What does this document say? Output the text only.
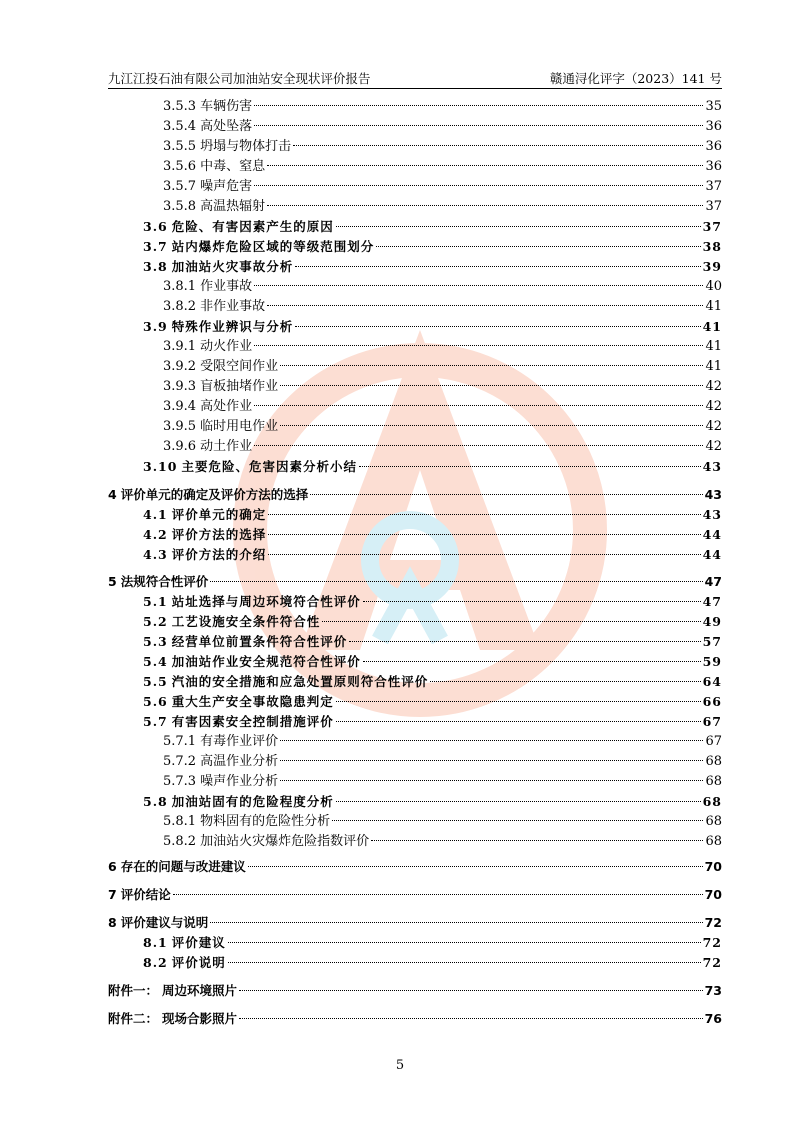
九江江投石油有限公司加油站安全现状评价报告	赣通浔化评字（2023）141 号
3.5.3 车辆伤害	35
3.5.4 高处坠落	36
3.5.5 坍塌与物体打击	36
3.5.6 中毒、窒息	36
3.5.7 噪声危害	37
3.5.8 高温热辐射	37
3.6 危险、有害因素产生的原因	37
3.7 站内爆炸危险区域的等级范围划分	38
3.8 加油站火灾事故分析	39
3.8.1 作业事故	40
3.8.2 非作业事故	41
3.9 特殊作业辨识与分析	41
3.9.1 动火作业	41
3.9.2 受限空间作业	41
3.9.3 盲板抽堵作业	42
3.9.4 高处作业	42
3.9.5 临时用电作业	42
3.9.6 动土作业	42
3.10 主要危险、危害因素分析小结	43
4 评价单元的确定及评价方法的选择	43
4.1 评价单元的确定	43
4.2 评价方法的选择	44
4.3 评价方法的介绍	44
5 法规符合性评价	47
5.1 站址选择与周边环境符合性评价	47
5.2 工艺设施安全条件符合性	49
5.3 经营单位前置条件符合性评价	57
5.4 加油站作业安全规范符合性评价	59
5.5 汽油的安全措施和应急处置原则符合性评价	64
5.6 重大生产安全事故隐患判定	66
5.7 有害因素安全控制措施评价	67
5.7.1 有毒作业评价	67
5.7.2 高温作业分析	68
5.7.3 噪声作业分析	68
5.8 加油站固有的危险程度分析	68
5.8.1 物料固有的危险性分析	68
5.8.2 加油站火灾爆炸危险指数评价	68
6 存在的问题与改进建议	70
7 评价结论	70
8 评价建议与说明	72
8.1 评价建议	72
8.2 评价说明	72
附件一： 周边环境照片	73
附件二： 现场合影照片	76
5
